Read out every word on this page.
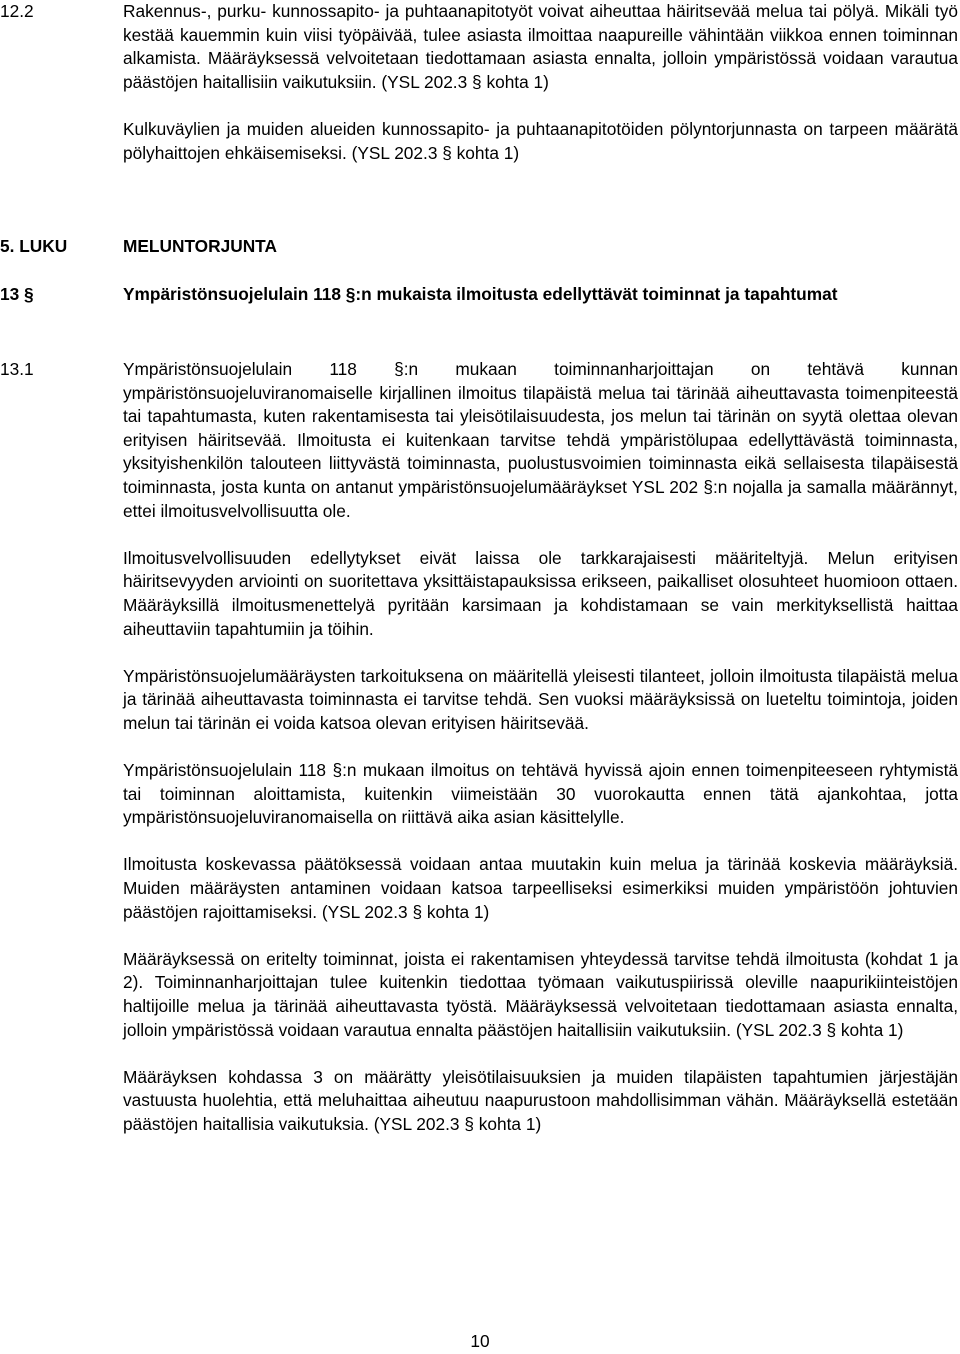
12.2	Rakennus-, purku- kunnossapito- ja puhtaanapitotyöt voivat aiheuttaa häiritsevää melua tai pölyä. Mikäli työ kestää kauemmin kuin viisi työpäivää, tulee asiasta ilmoittaa naapureille vähintään viikkoa ennen toiminnan alkamista. Määräyksessä velvoitetaan tiedottamaan asiasta ennalta, jolloin ympäristössä voidaan varautua päästöjen haitallisiin vaikutuksiin. (YSL 202.3 § kohta 1)

Kulkuväylien ja muiden alueiden kunnossapito- ja puhtaanapitotöiden pölyntorjunnasta on tarpeen määrätä pölyhaittojen ehkäisemiseksi. (YSL 202.3 § kohta 1)

5. LUKU	MELUNTORJUNTA
13 §	Ympäristönsuojelulain 118 §:n mukaista ilmoitusta edellyttävät toiminnat ja tapahtumat
13.1	Ympäristönsuojelulain 118 §:n mukaan toiminnanharjoittajan on tehtävä kunnan ympäristönsuojeluviranomaiselle kirjallinen ilmoitus tilapäistä melua tai tärinää aiheuttavasta toimenpiteestä tai tapahtumasta, kuten rakentamisesta tai yleisötilaisuudesta, jos melun tai tärinän on syytä olettaa olevan erityisen häiritsevää. Ilmoitusta ei kuitenkaan tarvitse tehdä ympäristölupaa edellyttävästä toiminnasta, yksityishenkilön talouteen liittyvästä toiminnasta, puolustusvoimien toiminnasta eikä sellaisesta tilapäisestä toiminnasta, josta kunta on antanut ympäristönsuojelumääräykset YSL 202 §:n nojalla ja samalla määrännyt, ettei ilmoitusvelvollisuutta ole.

Ilmoitusvelvollisuuden edellytykset eivät laissa ole tarkkarajaisesti määriteltyjä. Melun erityisen häiritsevyyden arviointi on suoritettava yksittäistapauksissa erikseen, paikalliset olosuhteet huomioon ottaen. Määräyksillä ilmoitusmenettelyä pyritään karsimaan ja kohdistamaan se vain merkityksellistä haittaa aiheuttaviin tapahtumiin ja töihin.

Ympäristönsuojelumääräysten tarkoituksena on määritellä yleisesti tilanteet, jolloin ilmoitusta tilapäistä melua ja tärinää aiheuttavasta toiminnasta ei tarvitse tehdä. Sen vuoksi määräyksissä on lueteltu toimintoja, joiden melun tai tärinän ei voida katsoa olevan erityisen häiritsevää.

Ympäristönsuojelulain 118 §:n mukaan ilmoitus on tehtävä hyvissä ajoin ennen toimenpiteeseen ryhtymistä tai toiminnan aloittamista, kuitenkin viimeistään 30 vuorokautta ennen tätä ajankohtaa, jotta ympäristönsuojeluviranomaisella on riittävä aika asian käsittelylle.

Ilmoitusta koskevassa päätöksessä voidaan antaa muutakin kuin melua ja tärinää koskevia määräyksiä. Muiden määräysten antaminen voidaan katsoa tarpeelliseksi esimerkiksi muiden ympäristöön johtuvien päästöjen rajoittamiseksi. (YSL 202.3 § kohta 1)

Määräyksessä on eritelty toiminnat, joista ei rakentamisen yhteydessä tarvitse tehdä ilmoitusta (kohdat 1 ja 2). Toiminnanharjoittajan tulee kuitenkin tiedottaa työmaan vaikutuspiirissä oleville naapurikiinteistöjen haltijoille melua ja tärinää aiheuttavasta työstä. Määräyksessä velvoitetaan tiedottamaan asiasta ennalta, jolloin ympäristössä voidaan varautua ennalta päästöjen haitallisiin vaikutuksiin. (YSL 202.3 § kohta 1)

Määräyksen kohdassa 3 on määrätty yleisötilaisuuksien ja muiden tilapäisten tapahtumien järjestäjän vastuusta huolehtia, että meluhaittaa aiheutuu naapurustoon mahdollisimman vähän. Määräyksellä estetään päästöjen haitallisia vaikutuksia. (YSL 202.3 § kohta 1)

10
